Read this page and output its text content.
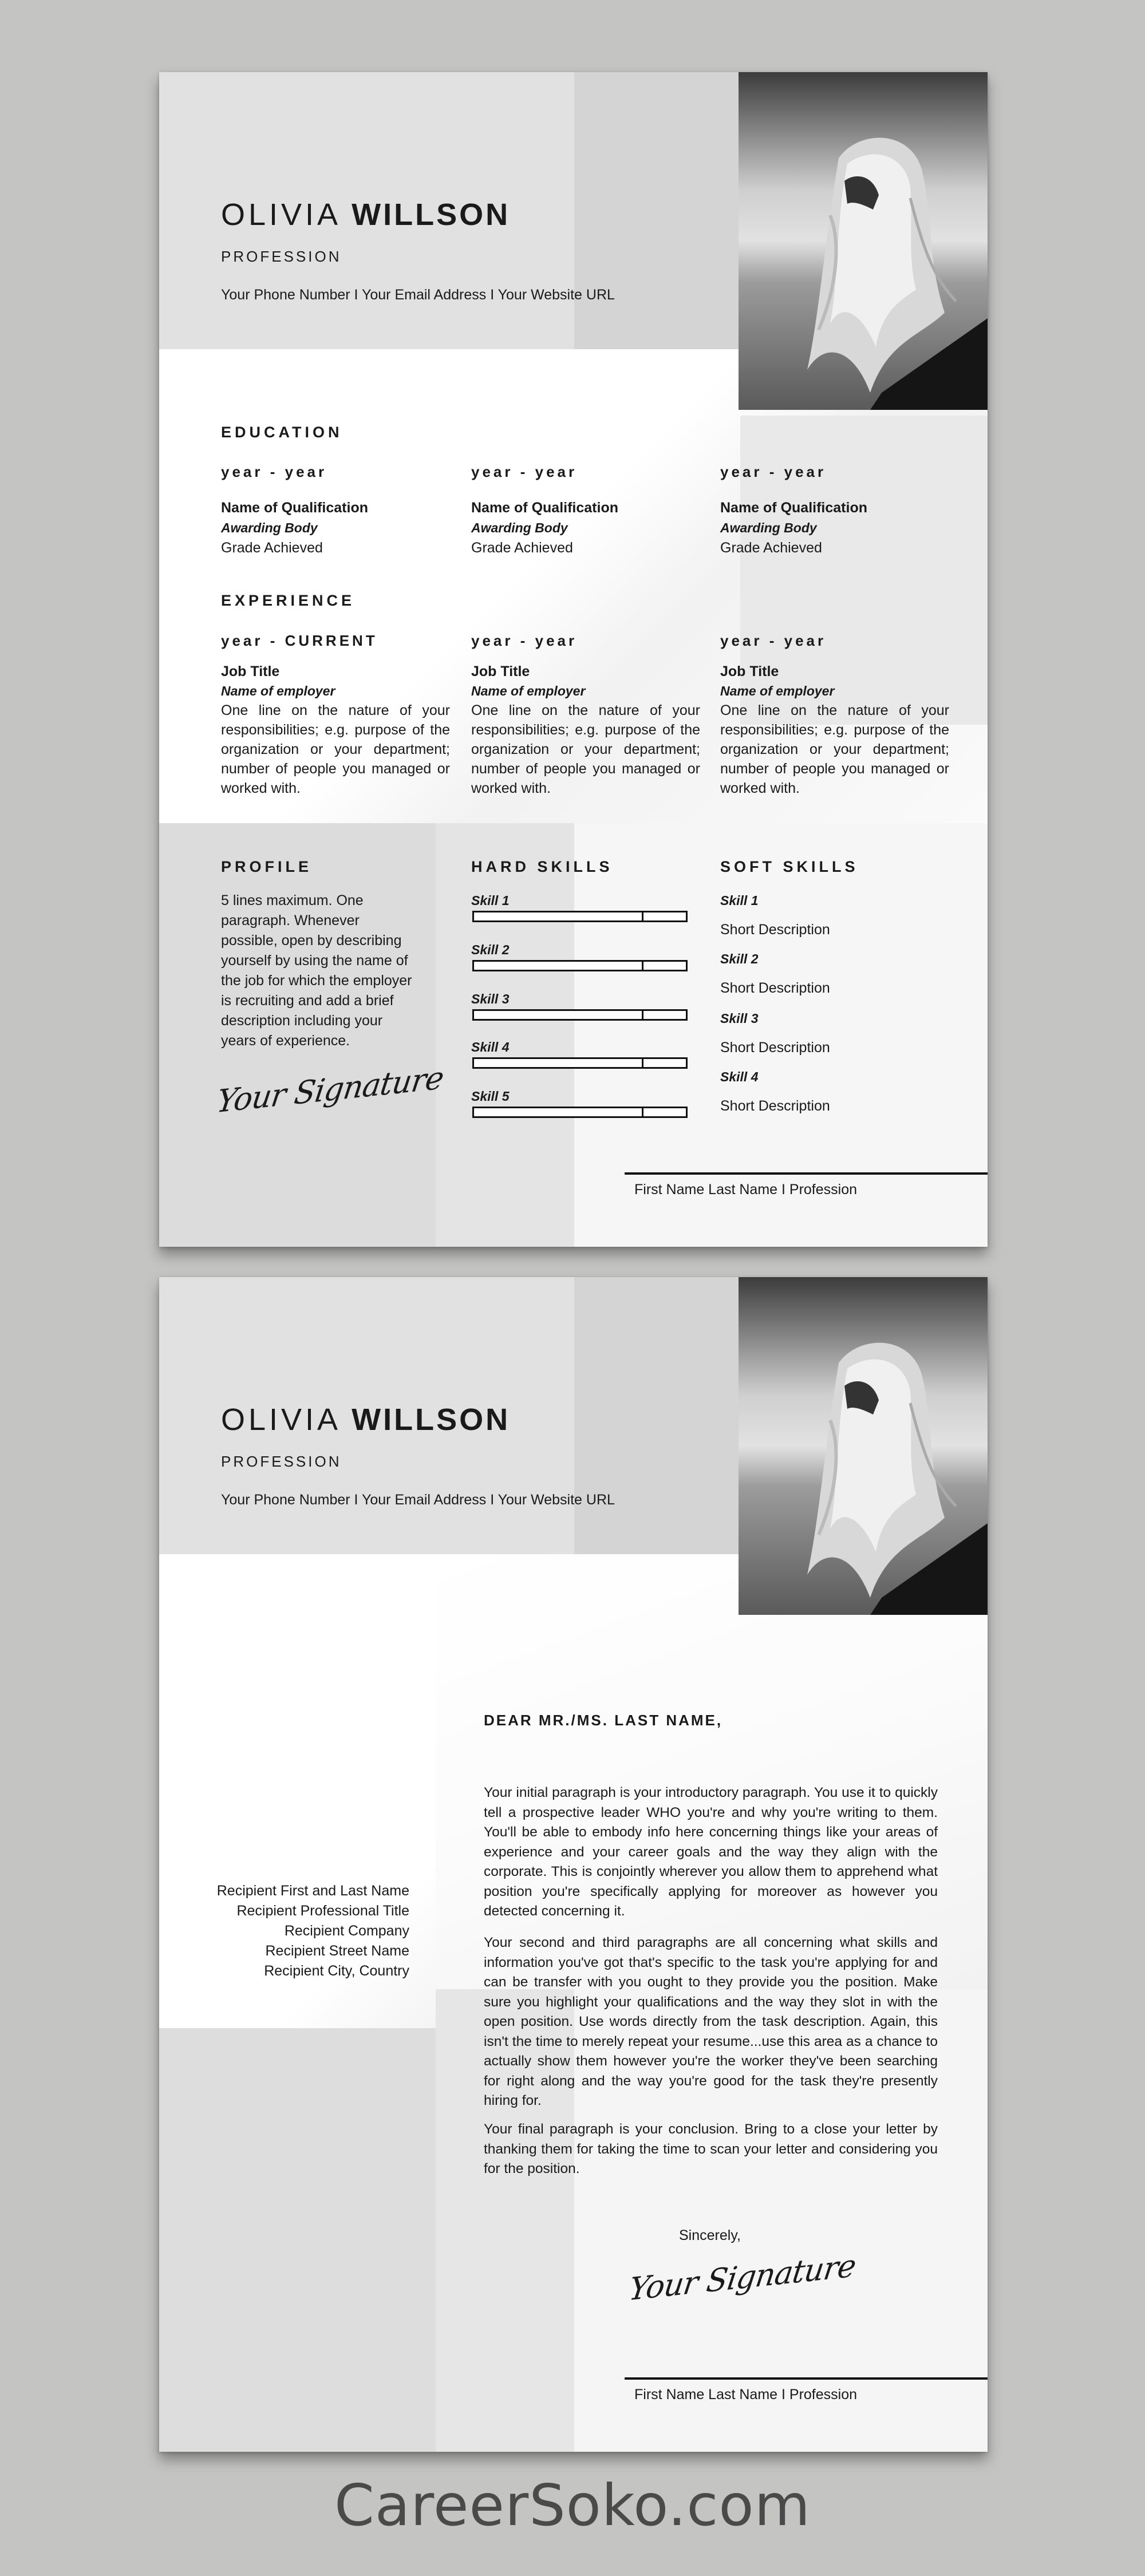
OLIVIA WILLSON
PROFESSION
Your Phone Number I Your Email Address I Your Website URL
EDUCATION
year - year
Name of Qualification
Awarding Body
Grade Achieved
year - year
Name of Qualification
Awarding Body
Grade Achieved
year - year
Name of Qualification
Awarding Body
Grade Achieved
EXPERIENCE
year - CURRENT
Job Title
Name of employer
One line on the nature of your responsibilities; e.g. purpose of the organization or your department; number of people you managed or worked with.
year - year
Job Title
Name of employer
One line on the nature of your responsibilities; e.g. purpose of the organization or your department; number of people you managed or worked with.
year - year
Job Title
Name of employer
One line on the nature of your responsibilities; e.g. purpose of the organization or your department; number of people you managed or worked with.
PROFILE
5 lines maximum. One paragraph. Whenever possible, open by describing yourself by using the name of the job for which the employer is recruiting and add a brief description including your years of experience.
Your Signature
HARD SKILLS
Skill 1
Skill 2
Skill 3
Skill 4
Skill 5
SOFT SKILLS
Skill 1
Short Description
Skill 2
Short Description
Skill 3
Short Description
Skill 4
Short Description
First Name Last Name I Profession
OLIVIA WILLSON
PROFESSION
Your Phone Number I Your Email Address I Your Website URL
DEAR MR./MS. LAST NAME,
Your initial paragraph is your introductory paragraph. You use it to quickly tell a prospective leader WHO you're and why you're writing to them. You'll be able to embody info here concerning things like your areas of experience and your career goals and the way they align with the corporate. This is conjointly wherever you allow them to apprehend what position you're specifically applying for moreover as however you detected concerning it.
Your second and third paragraphs are all concerning what skills and information you've got that's specific to the task you're applying for and can be transfer with you ought to they provide you the position. Make sure you highlight your qualifications and the way they slot in with the open position. Use words directly from the task description. Again, this isn't the time to merely repeat your resume...use this area as a chance to actually show them however you're the worker they've been searching for right along and the way you're good for the task they're presently hiring for.
Your final paragraph is your conclusion. Bring to a close your letter by thanking them for taking the time to scan your letter and considering you for the position.
Recipient First and Last Name
Recipient Professional Title
Recipient Company
Recipient Street Name
Recipient City, Country
Sincerely,
Your Signature
First Name Last Name I Profession
CareerSoko.com
